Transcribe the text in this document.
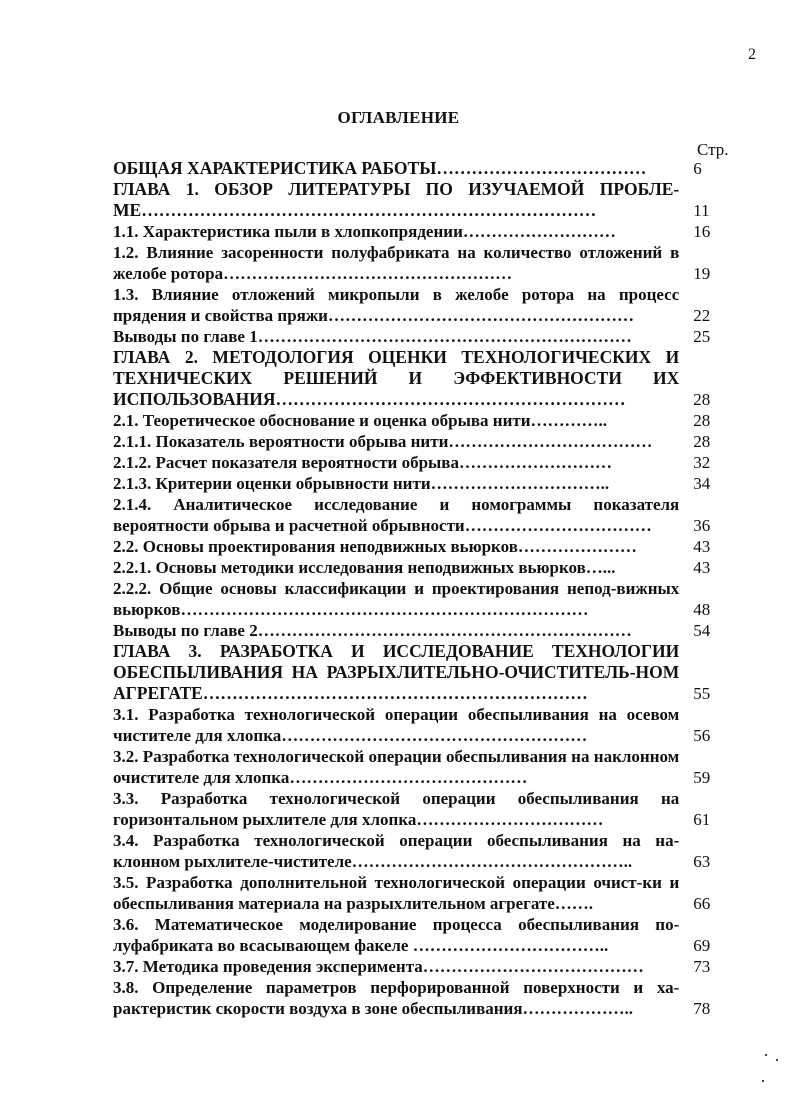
2
ОГЛАВЛЕНИЕ
Стр.
ОБЩАЯ ХАРАКТЕРИСТИКА РАБОТЫ………………………………	6
ГЛАВА 1. ОБЗОР ЛИТЕРАТУРЫ ПО ИЗУЧАЕМОЙ ПРОБЛЕ-МЕ……………………………………………………………………	11
1.1. Характеристика пыли в хлопкопрядении………………………	16
1.2. Влияние засоренности полуфабриката на количество отложений в желобе ротора……………………………………………	19
1.3. Влияние отложений микропыли в желобе ротора на процесс прядения и свойства пряжи………………………………………………	22
Выводы по главе 1…………………………………………………………	25
ГЛАВА 2. МЕТОДОЛОГИЯ ОЦЕНКИ ТЕХНОЛОГИЧЕСКИХ И ТЕХНИЧЕСКИХ РЕШЕНИЙ И ЭФФЕКТИВНОСТИ ИХ ИСПОЛЬЗОВАНИЯ……………………………………………………	28
2.1. Теоретическое обоснование и оценка обрыва нити…………..	28
2.1.1. Показатель вероятности обрыва нити………………………………	28
2.1.2. Расчет показателя вероятности обрыва………………………	32
2.1.3. Критерии оценки обрывности нити…………………………..	34
2.1.4. Аналитическое исследование и номограммы показателя вероятности обрыва и расчетной обрывности……………………………	36
2.2. Основы проектирования неподвижных вьюрков…………………	43
2.2.1. Основы методики исследования неподвижных вьюрков…...	43
2.2.2. Общие основы классификации и проектирования непод-вижных вьюрков………………………………………………………………	48
Выводы по главе 2…………………………………………………………	54
ГЛАВА 3. РАЗРАБОТКА И ИССЛЕДОВАНИЕ ТЕХНОЛОГИИ ОБЕСПЫЛИВАНИЯ НА РАЗРЫХЛИТЕЛЬНО-ОЧИСТИТЕЛЬ-НОМ АГРЕГАТЕ…………………………………………………………	55
3.1. Разработка технологической операции обеспыливания на осевом чистителе для хлопка………………………………………………	56
3.2. Разработка технологической операции обеспыливания на наклонном очистителе для хлопка……………………………………	59
3.3. Разработка технологической операции обеспыливания на горизонтальном рыхлителе для хлопка……………………………	61
3.4. Разработка технологической операции обеспыливания на на-клонном рыхлителе-чистителе…………………………………………..	63
3.5. Разработка дополнительной технологической операции очист-ки и обеспыливания материала на разрыхлительном агрегате…….	66
3.6. Математическое моделирование процесса обеспыливания по-луфабриката во всасывающем факеле ……………………………..	69
3.7. Методика проведения эксперимента…………………………………	73
3.8. Определение параметров перфорированной поверхности и ха-рактеристик скорости воздуха в зоне обеспыливания………………..	78
